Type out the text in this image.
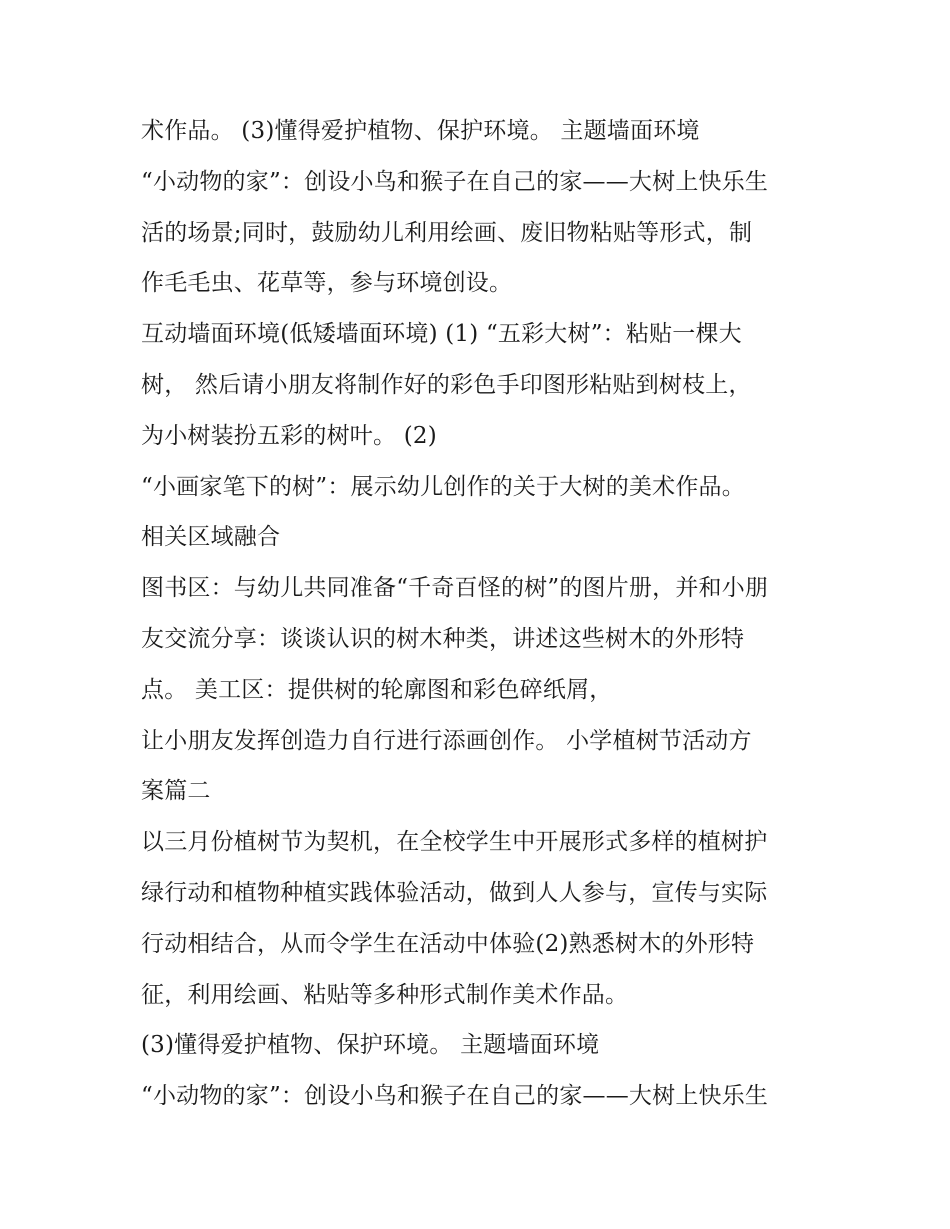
术作品。 (3)懂得爱护植物、保护环境。 主题墙面环境
“小动物的家”：创设小鸟和猴子在自己的家——大树上快乐生
活的场景;同时，鼓励幼儿利用绘画、废旧物粘贴等形式，制
作毛毛虫、花草等，参与环境创设。
互动墙面环境(低矮墙面环境) (1) “五彩大树”：粘贴一棵大
树， 然后请小朋友将制作好的彩色手印图形粘贴到树枝上，
为小树装扮五彩的树叶。 (2)
“小画家笔下的树”：展示幼儿创作的关于大树的美术作品。
相关区域融合
图书区：与幼儿共同准备“千奇百怪的树”的图片册，并和小朋
友交流分享：谈谈认识的树木种类，讲述这些树木的外形特
点。 美工区：提供树的轮廓图和彩色碎纸屑，
让小朋友发挥创造力自行进行添画创作。 小学植树节活动方
案篇二
以三月份植树节为契机，在全校学生中开展形式多样的植树护
绿行动和植物种植实践体验活动，做到人人参与，宣传与实际
行动相结合，从而令学生在活动中体验(2)熟悉树木的外形特
征，利用绘画、粘贴等多种形式制作美术作品。
(3)懂得爱护植物、保护环境。 主题墙面环境
“小动物的家”：创设小鸟和猴子在自己的家——大树上快乐生
